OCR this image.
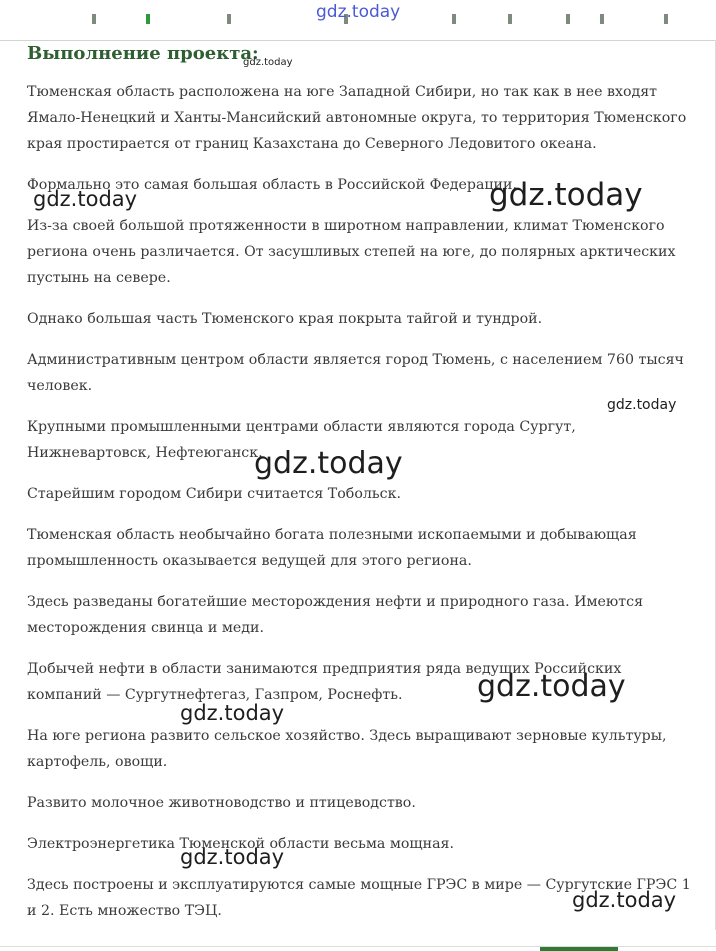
Выполнение проекта:

Тюменская область расположена на юге Западной Сибири, но так как в нее входят Ямало-Ненецкий и Ханты-Мансийский автономные округа, то территория Тюменского края простирается от границ Казахстана до Северного Ледовитого океана.

Формально это самая большая область в Российской Федерации.

Из-за своей большой протяженности в широтном направлении, климат Тюменского региона очень различается. От засушливых степей на юге, до полярных арктических пустынь на севере.

Однако большая часть Тюменского края покрыта тайгой и тундрой.

Административным центром области является город Тюмень, с населением 760 тысяч человек.

Крупными промышленными центрами области являются города Сургут, Нижневартовск, Нефтеюганск.

Старейшим городом Сибири считается Тобольск.

Тюменская область необычайно богата полезными ископаемыми и добывающая промышленность оказывается ведущей для этого региона.

Здесь разведаны богатейшие месторождения нефти и природного газа. Имеются месторождения свинца и меди.

Добычей нефти в области занимаются предприятия ряда ведущих Российских компаний — Сургутнефтегаз, Газпром, Роснефть.

На юге региона развито сельское хозяйство. Здесь выращивают зерновые культуры, картофель, овощи.

Развито молочное животноводство и птицеводство.

Электроэнергетика Тюменской области весьма мощная.

Здесь построены и эксплуатируются самые мощные ГРЭС в мире — Сургутские ГРЭС 1 и 2. Есть множество ТЭЦ.

gdz.today
gdz.today
gdz.today
gdz.today
gdz.today
gdz.today
gdz.today
gdz.today
gdz.today
gdz.today
